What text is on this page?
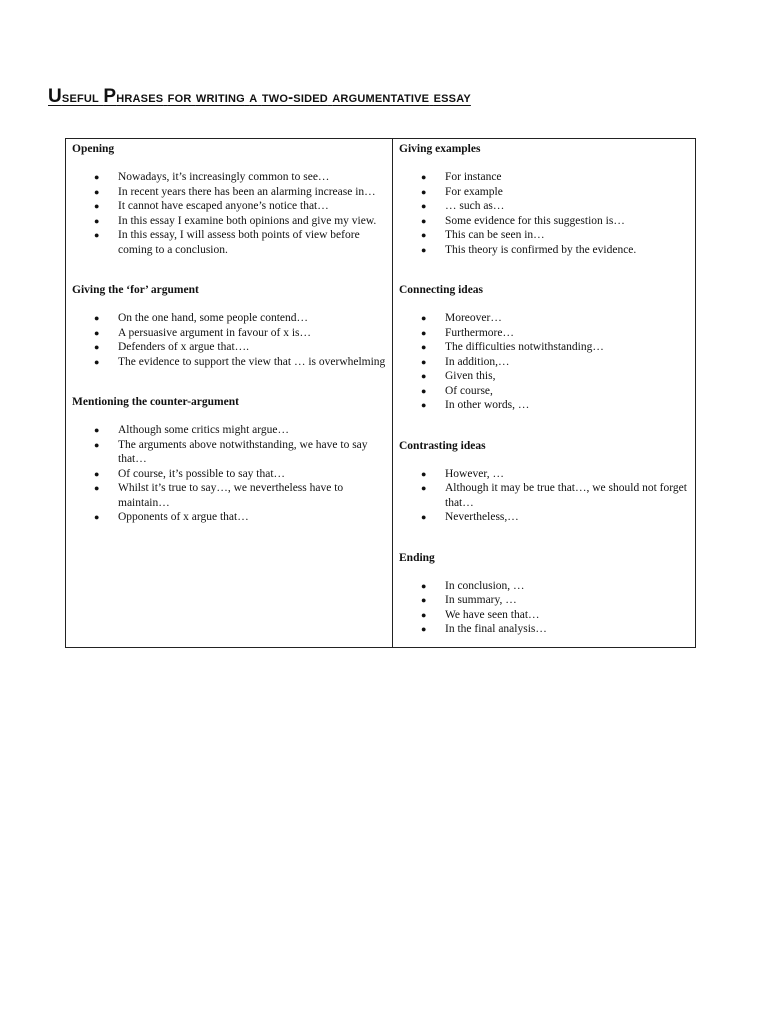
Useful Phrases for writing a two-sided argumentative essay

Opening

● Nowadays, it’s increasingly common to see…
● In recent years there has been an alarming increase in…
● It cannot have escaped anyone’s notice that…
● In this essay I examine both opinions and give my view.
● In this essay, I will assess both points of view before coming to a conclusion.

Giving the ‘for’ argument

● On the one hand, some people contend…
● A persuasive argument in favour of x is…
● Defenders of x argue that….
● The evidence to support the view that … is overwhelming

Mentioning the counter-argument

● Although some critics might argue…
● The arguments above notwithstanding, we have to say that…
● Of course, it’s possible to say that…
● Whilst it’s true to say…, we nevertheless have to maintain…
● Opponents of x argue that…

Giving examples

● For instance
● For example
● … such as…
● Some evidence for this suggestion is…
● This can be seen in…
● This theory is confirmed by the evidence.

Connecting ideas

● Moreover…
● Furthermore…
● The difficulties notwithstanding…
● In addition,…
● Given this,
● Of course,
● In other words, …

Contrasting ideas

● However, …
● Although it may be true that…, we should not forget that…
● Nevertheless,…

Ending

● In conclusion, …
● In summary, …
● We have seen that…
● In the final analysis…
